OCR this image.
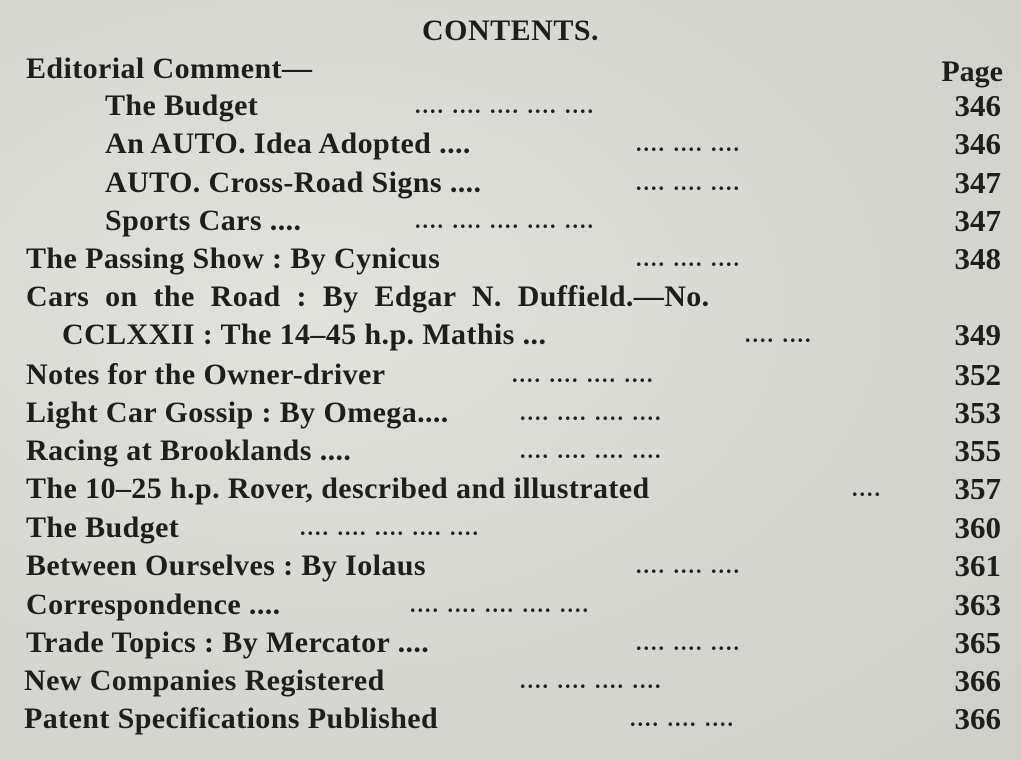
CONTENTS.
Page
Editorial Comment—
The Budget	.... .... .... .... ....	346
An AUTO. Idea Adopted ....	.... .... ....	346
AUTO. Cross-Road Signs ....	.... .... ....	347
Sports Cars ....	.... .... .... .... ....	347
The Passing Show : By Cynicus	.... .... ....	348
Cars on the Road : By Edgar N. Duffield.—No.
CCLXXII : The 14–45 h.p. Mathis ...	.... ....	349
Notes for the Owner-driver	.... .... .... ....	352
Light Car Gossip : By Omega....	.... .... .... ....	353
Racing at Brooklands ....	.... .... .... ....	355
The 10–25 h.p. Rover, described and illustrated	.... 357
The Budget	.... .... .... .... ....	360
Between Ourselves : By Iolaus	.... .... ....	361
Correspondence ....	.... .... .... .... ....	363
Trade Topics : By Mercator ....	.... .... ....	365
New Companies Registered	.... .... .... ....	366
Patent Specifications Published	.... .... ....	366
